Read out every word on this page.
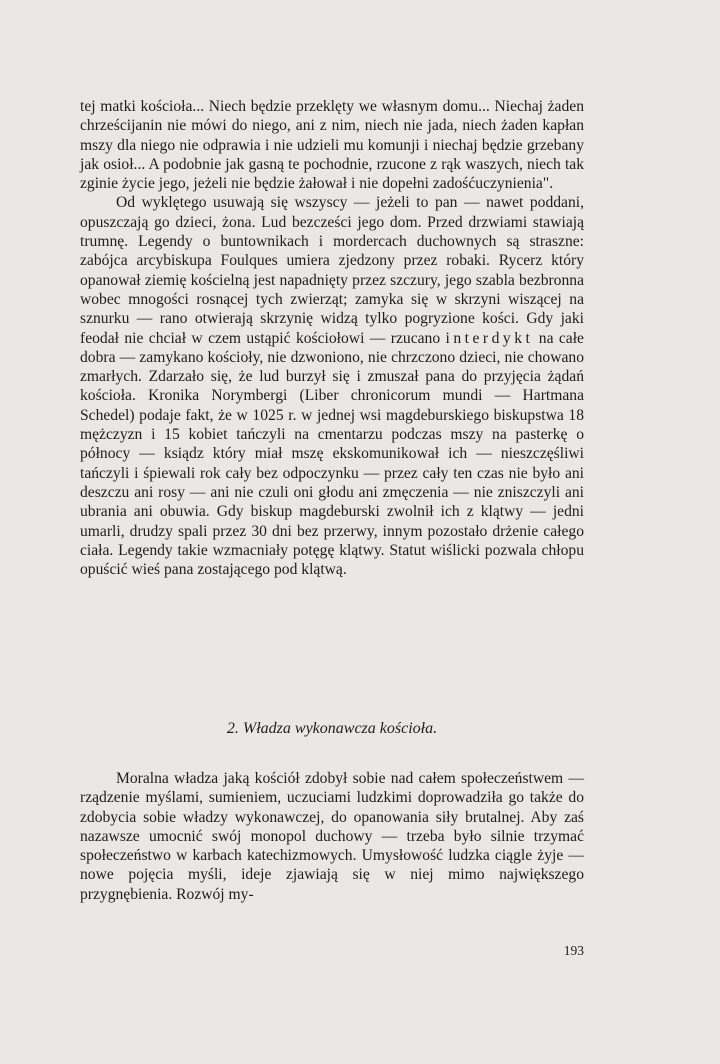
tej matki kościoła... Niech będzie przeklęty we własnym domu... Niechaj żaden chrześcijanin nie mówi do niego, ani z nim, niech nie jada, niech żaden kapłan mszy dla niego nie odprawia i nie udzieli mu komunji i niechaj będzie grzebany jak osioł... A podobnie jak gasną te pochodnie, rzucone z rąk waszych, niech tak zginie życie jego, jeżeli nie będzie żałował i nie dopełni zadośćuczynienia".

Od wyklętego usuwają się wszyscy — jeżeli to pan — nawet poddani, opuszczają go dzieci, żona. Lud bezcześci jego dom. Przed drzwiami stawiają trumnę. Legendy o buntownikach i mordercach duchownych są straszne: zabójca arcybiskupa Foulques umiera zjedzony przez robaki. Rycerz który opanował ziemię kościelną jest napadnięty przez szczury, jego szabla bezbronna wobec mnogości rosnącej tych zwierząt; zamyka się w skrzyni wiszącej na sznurku — rano otwierają skrzynię widzą tylko pogryzione kości. Gdy jaki feodał nie chciał w czem ustąpić kościołowi — rzucano interdykt na całe dobra — zamykano kościoły, nie dzwoniono, nie chrzczono dzieci, nie chowano zmarłych. Zdarzało się, że lud burzył się i zmuszał pana do przyjęcia żądań kościoła. Kronika Norymbergi (Liber chronicorum mundi — Hartmana Schedel) podaje fakt, że w 1025 r. w jednej wsi magdeburskiego biskupstwa 18 mężczyzn i 15 kobiet tańczyli na cmentarzu podczas mszy na pasterkę o północy — ksiądz który miał mszę ekskomunikował ich — nieszczęśliwi tańczyli i śpiewali rok cały bez odpoczynku — przez cały ten czas nie było ani deszczu ani rosy — ani nie czuli oni głodu ani zmęczenia — nie zniszczyli ani ubrania ani obuwia. Gdy biskup magdeburski zwolnił ich z klątwy — jedni umarli, drudzy spali przez 30 dni bez przerwy, innym pozostało drżenie całego ciała. Legendy takie wzmacniały potęgę klątwy. Statut wiślicki pozwala chłopu opuścić wieś pana zostającego pod klątwą.

2. Władza wykonawcza kościoła.

Moralna władza jaką kościół zdobył sobie nad całem społeczeństwem — rządzenie myślami, sumieniem, uczuciami ludzkimi doprowadziła go także do zdobycia sobie władzy wykonawczej, do opanowania siły brutalnej. Aby zaś nazawsze umocnić swój monopol duchowy — trzeba było silnie trzymać społeczeństwo w karbach katechizmowych. Umysłowość ludzka ciągle żyje — nowe pojęcia myśli, ideje zjawiają się w niej mimo największego przygnębienia. Rozwój my-

193
